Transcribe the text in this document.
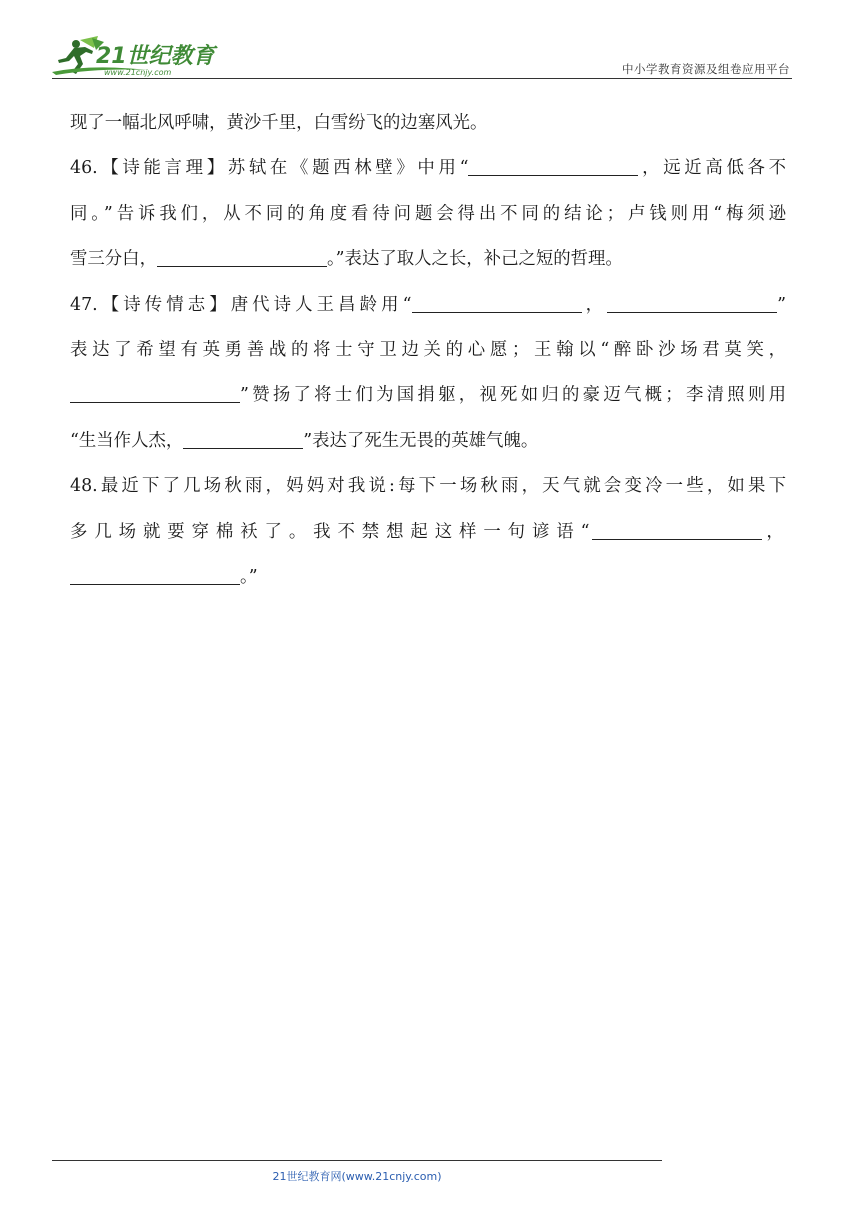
21世纪教育
www.21cnjy.com	中小学教育资源及组卷应用平台
现了一幅北风呼啸，黄沙千里，白雪纷飞的边塞风光。
46.【诗能言理】苏轼在《题西林壁》中用“	，远近高低各不
同。”告诉我们，从不同的角度看待问题会得出不同的结论；卢钱则用“梅须逊
雪三分白，	。”表达了取人之长，补己之短的哲理。
47.【诗传情志】唐代诗人王昌龄用“	，	”
表达了希望有英勇善战的将士守卫边关的心愿；王翰以“醉卧沙场君莫笑，
”赞扬了将士们为国捐躯，视死如归的豪迈气概；李清照则用
“生当作人杰，	”表达了死生无畏的英雄气魄。
48.最近下了几场秋雨，妈妈对我说:每下一场秋雨，天气就会变冷一些，如果下
多几场就要穿棉袄了。我不禁想起这样一句谚语“	，
。”
21世纪教育网(www.21cnjy.com)
